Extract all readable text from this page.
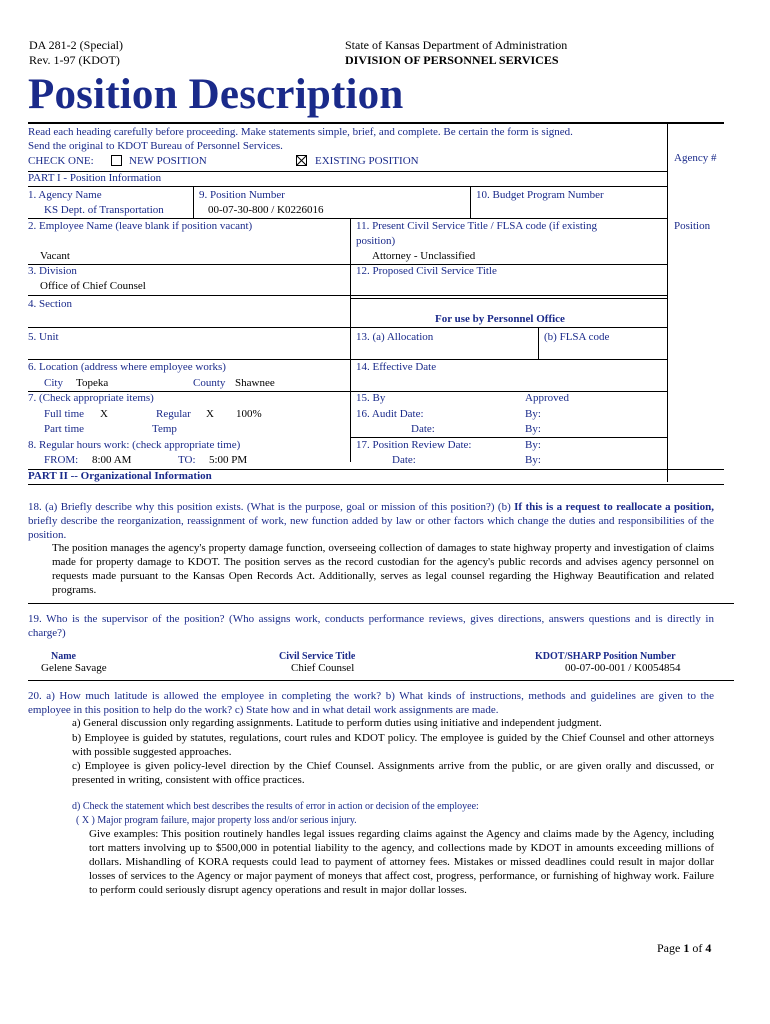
DA 281-2 (Special)
Rev. 1-97 (KDOT)
State of Kansas Department of Administration
DIVISION OF PERSONNEL SERVICES
Position Description
Read each heading carefully before proceeding. Make statements simple, brief, and complete. Be certain the form is signed.
Send the original to KDOT Bureau of Personnel Services.
CHECK ONE:	NEW POSITION	EXISTING POSITION	Agency #
Position
PART I - Position Information
1. Agency Name
KS Dept. of Transportation
9. Position Number
00-07-30-800 / K0226016
10. Budget Program Number
2. Employee Name (leave blank if position vacant)
Vacant
11. Present Civil Service Title / FLSA code (if existing
position)
Attorney - Unclassified
3. Division
Office of Chief Counsel
12. Proposed Civil Service Title
4. Section
For use by Personnel Office
5. Unit	13. (a) Allocation	(b) FLSA code
6. Location (address where employee works)
City Topeka	County Shawnee
14. Effective Date
7. (Check appropriate items)
Full time X	Regular X 100%
Part time	Temp
15. By	Approved
16. Audit Date:	By:
Date:	By:
8. Regular hours work: (check appropriate time)
FROM: 8:00 AM	TO: 5:00 PM
17. Position Review Date:	By:
Date:	By:
PART II -- Organizational Information
18. (a) Briefly describe why this position exists. (What is the purpose, goal or mission of this position?) (b) If this is a request to reallocate a position, briefly describe the reorganization, reassignment of work, new function added by law or other factors which change the duties and responsibilities of the position.
The position manages the agency's property damage function, overseeing collection of damages to state highway property and investigation of claims made for property damage to KDOT. The position serves as the record custodian for the agency's public records and advises agency personnel on requests made pursuant to the Kansas Open Records Act. Additionally, serves as legal counsel regarding the Highway Beautification and related programs.
19. Who is the supervisor of the position? (Who assigns work, conducts performance reviews, gives directions, answers questions and is directly in charge?)
Name	Civil Service Title	KDOT/SHARP Position Number
Gelene Savage	Chief Counsel	00-07-00-001 / K0054854
20. a) How much latitude is allowed the employee in completing the work? b) What kinds of instructions, methods and guidelines are given to the employee in this position to help do the work? c) State how and in what detail work assignments are made.
a) General discussion only regarding assignments. Latitude to perform duties using initiative and independent judgment.
b) Employee is guided by statutes, regulations, court rules and KDOT policy. The employee is guided by the Chief Counsel and other attorneys with possible suggested approaches.
c) Employee is given policy-level direction by the Chief Counsel. Assignments arrive from the public, or are given orally and discussed, or presented in writing, consistent with office practices.
d) Check the statement which best describes the results of error in action or decision of the employee:
( X ) Major program failure, major property loss and/or serious injury.
Give examples: This position routinely handles legal issues regarding claims against the Agency and claims made by the Agency, including tort matters involving up to $500,000 in potential liability to the agency, and collections made by KDOT in amounts exceeding millions of dollars. Mishandling of KORA requests could lead to payment of attorney fees. Mistakes or missed deadlines could result in major dollar losses of services to the Agency or major payment of moneys that affect cost, progress, performance, or furnishing of highway work. Failure to perform could seriously disrupt agency operations and result in major dollar losses.
Page 1 of 4
